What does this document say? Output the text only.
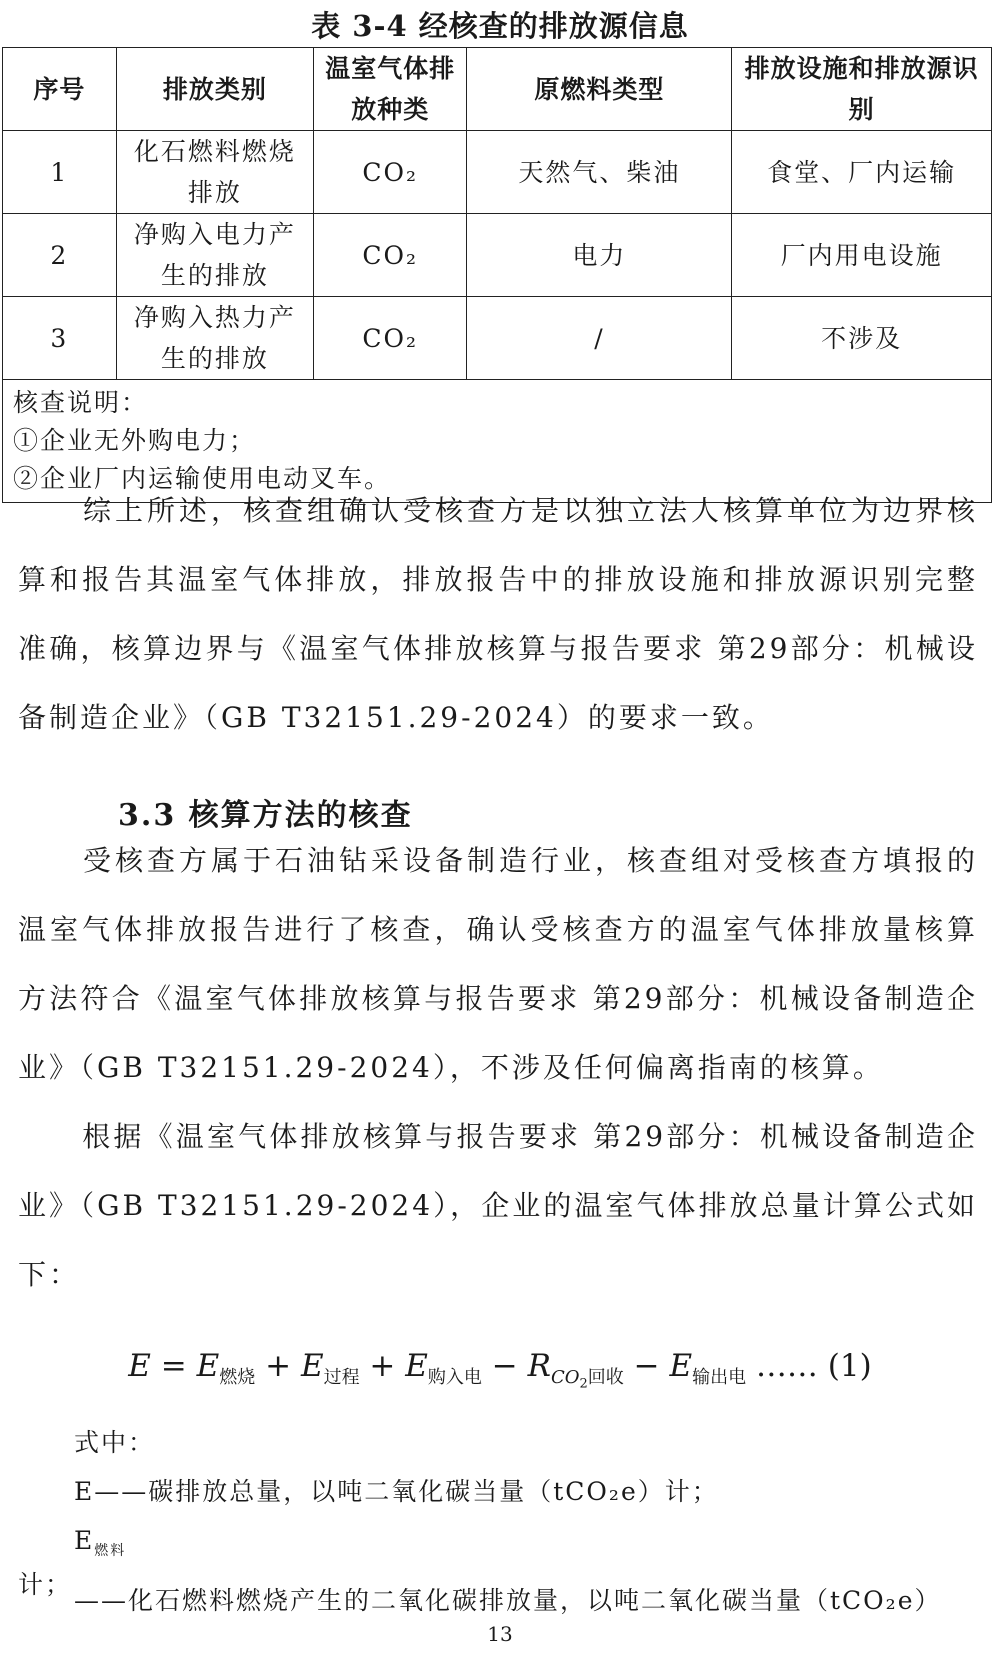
表 3-4 经核查的排放源信息
序号	排放类别	温室气体排放种类	原燃料类型	排放设施和排放源识别
1	化石燃料燃烧排放	CO₂	天然气、柴油	食堂、厂内运输
2	净购入电力产生的排放	CO₂	电力	厂内用电设施
3	净购入热力产生的排放	CO₂	/	不涉及

核查说明：
①企业无外购电力；
②企业厂内运输使用电动叉车。				
综上所述，核查组确认受核查方是以独立法人核算单位为边界核算和报告其温室气体排放，排放报告中的排放设施和排放源识别完整准确，核算边界与《温室气体排放核算与报告要求 第29部分：机械设备制造企业》（GB T32151.29-2024）的要求一致。
3.3 核算方法的核查
受核查方属于石油钻采设备制造行业，核查组对受核查方填报的温室气体排放报告进行了核查，确认受核查方的温室气体排放量核算方法符合《温室气体排放核算与报告要求 第29部分：机械设备制造企业》（GB T32151.29-2024），不涉及任何偏离指南的核算。
根据《温室气体排放核算与报告要求 第29部分：机械设备制造企业》（GB T32151.29-2024），企业的温室气体排放总量计算公式如下：
$E = E_{燃烧} + E_{过程} + E_{购入电} - R_{CO_2回收} - E_{输出电}$ …… (1)
式中：
E——碳排放总量，以吨二氧化碳当量（tCO₂e）计；
$E_{燃料}——$化石燃料燃烧产生的二氧化碳排放量，以吨二氧化碳当量（tCO₂e）
计；
13
